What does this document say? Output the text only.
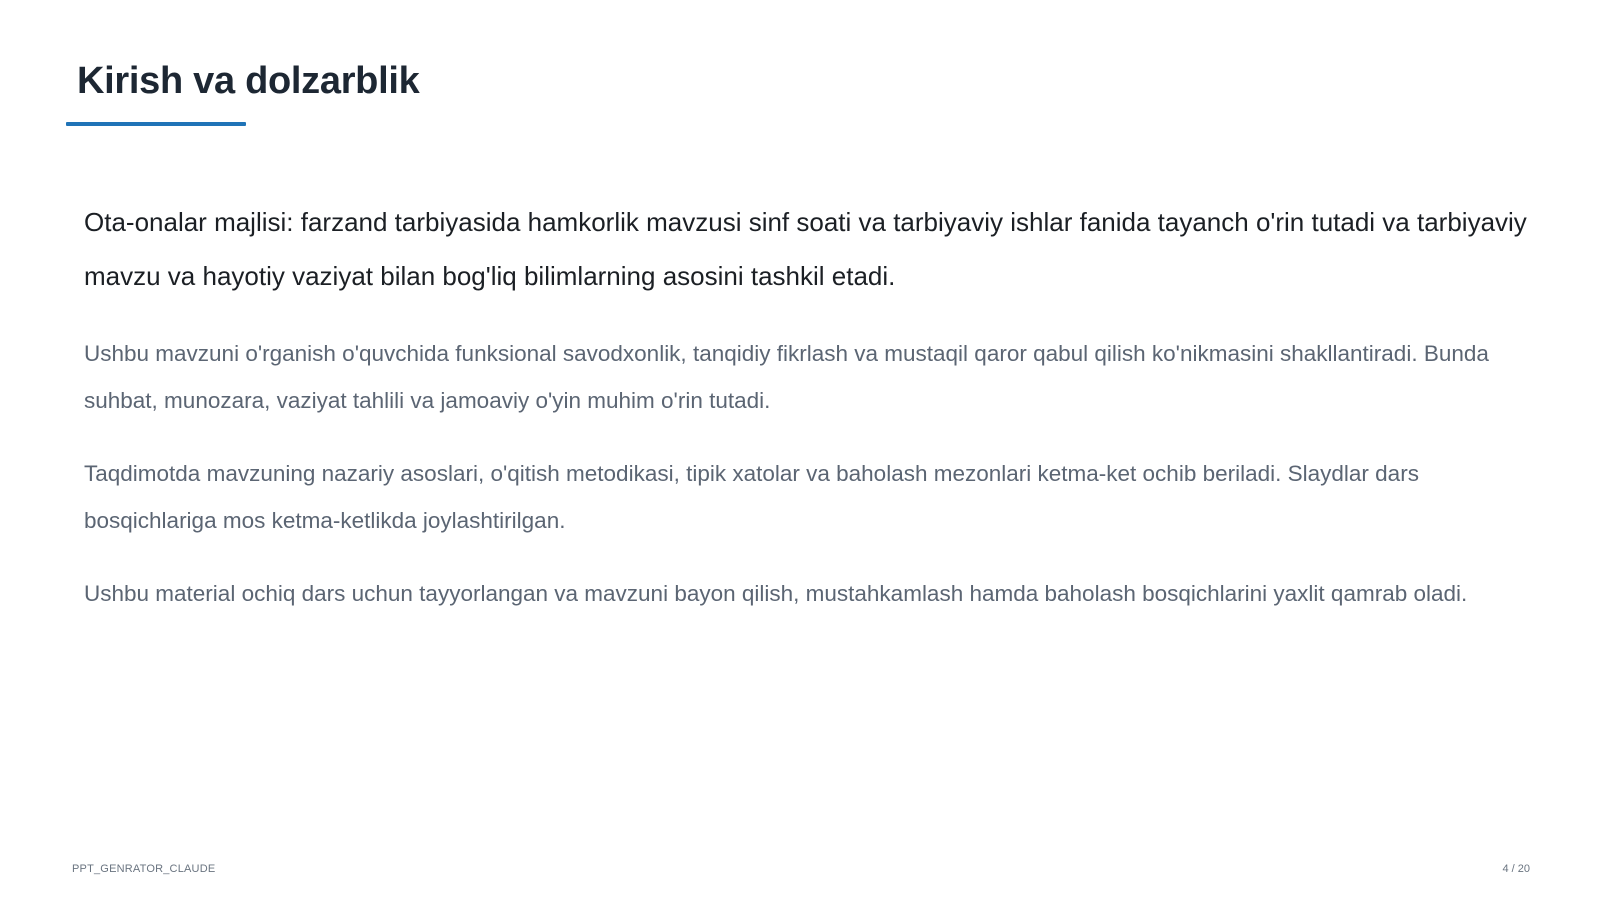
Kirish va dolzarblik

Ota-onalar majlisi: farzand tarbiyasida hamkorlik mavzusi sinf soati va tarbiyaviy ishlar fanida tayanch o'rin tutadi va tarbiyaviy mavzu va hayotiy vaziyat bilan bog'liq bilimlarning asosini tashkil etadi.

Ushbu mavzuni o'rganish o'quvchida funksional savodxonlik, tanqidiy fikrlash va mustaqil qaror qabul qilish ko'nikmasini shakllantiradi. Bunda suhbat, munozara, vaziyat tahlili va jamoaviy o'yin muhim o'rin tutadi.

Taqdimotda mavzuning nazariy asoslari, o'qitish metodikasi, tipik xatolar va baholash mezonlari ketma-ket ochib beriladi. Slaydlar dars bosqichlariga mos ketma-ketlikda joylashtirilgan.

Ushbu material ochiq dars uchun tayyorlangan va mavzuni bayon qilish, mustahkamlash hamda baholash bosqichlarini yaxlit qamrab oladi.

PPT_GENRATOR_CLAUDE	4 / 20
